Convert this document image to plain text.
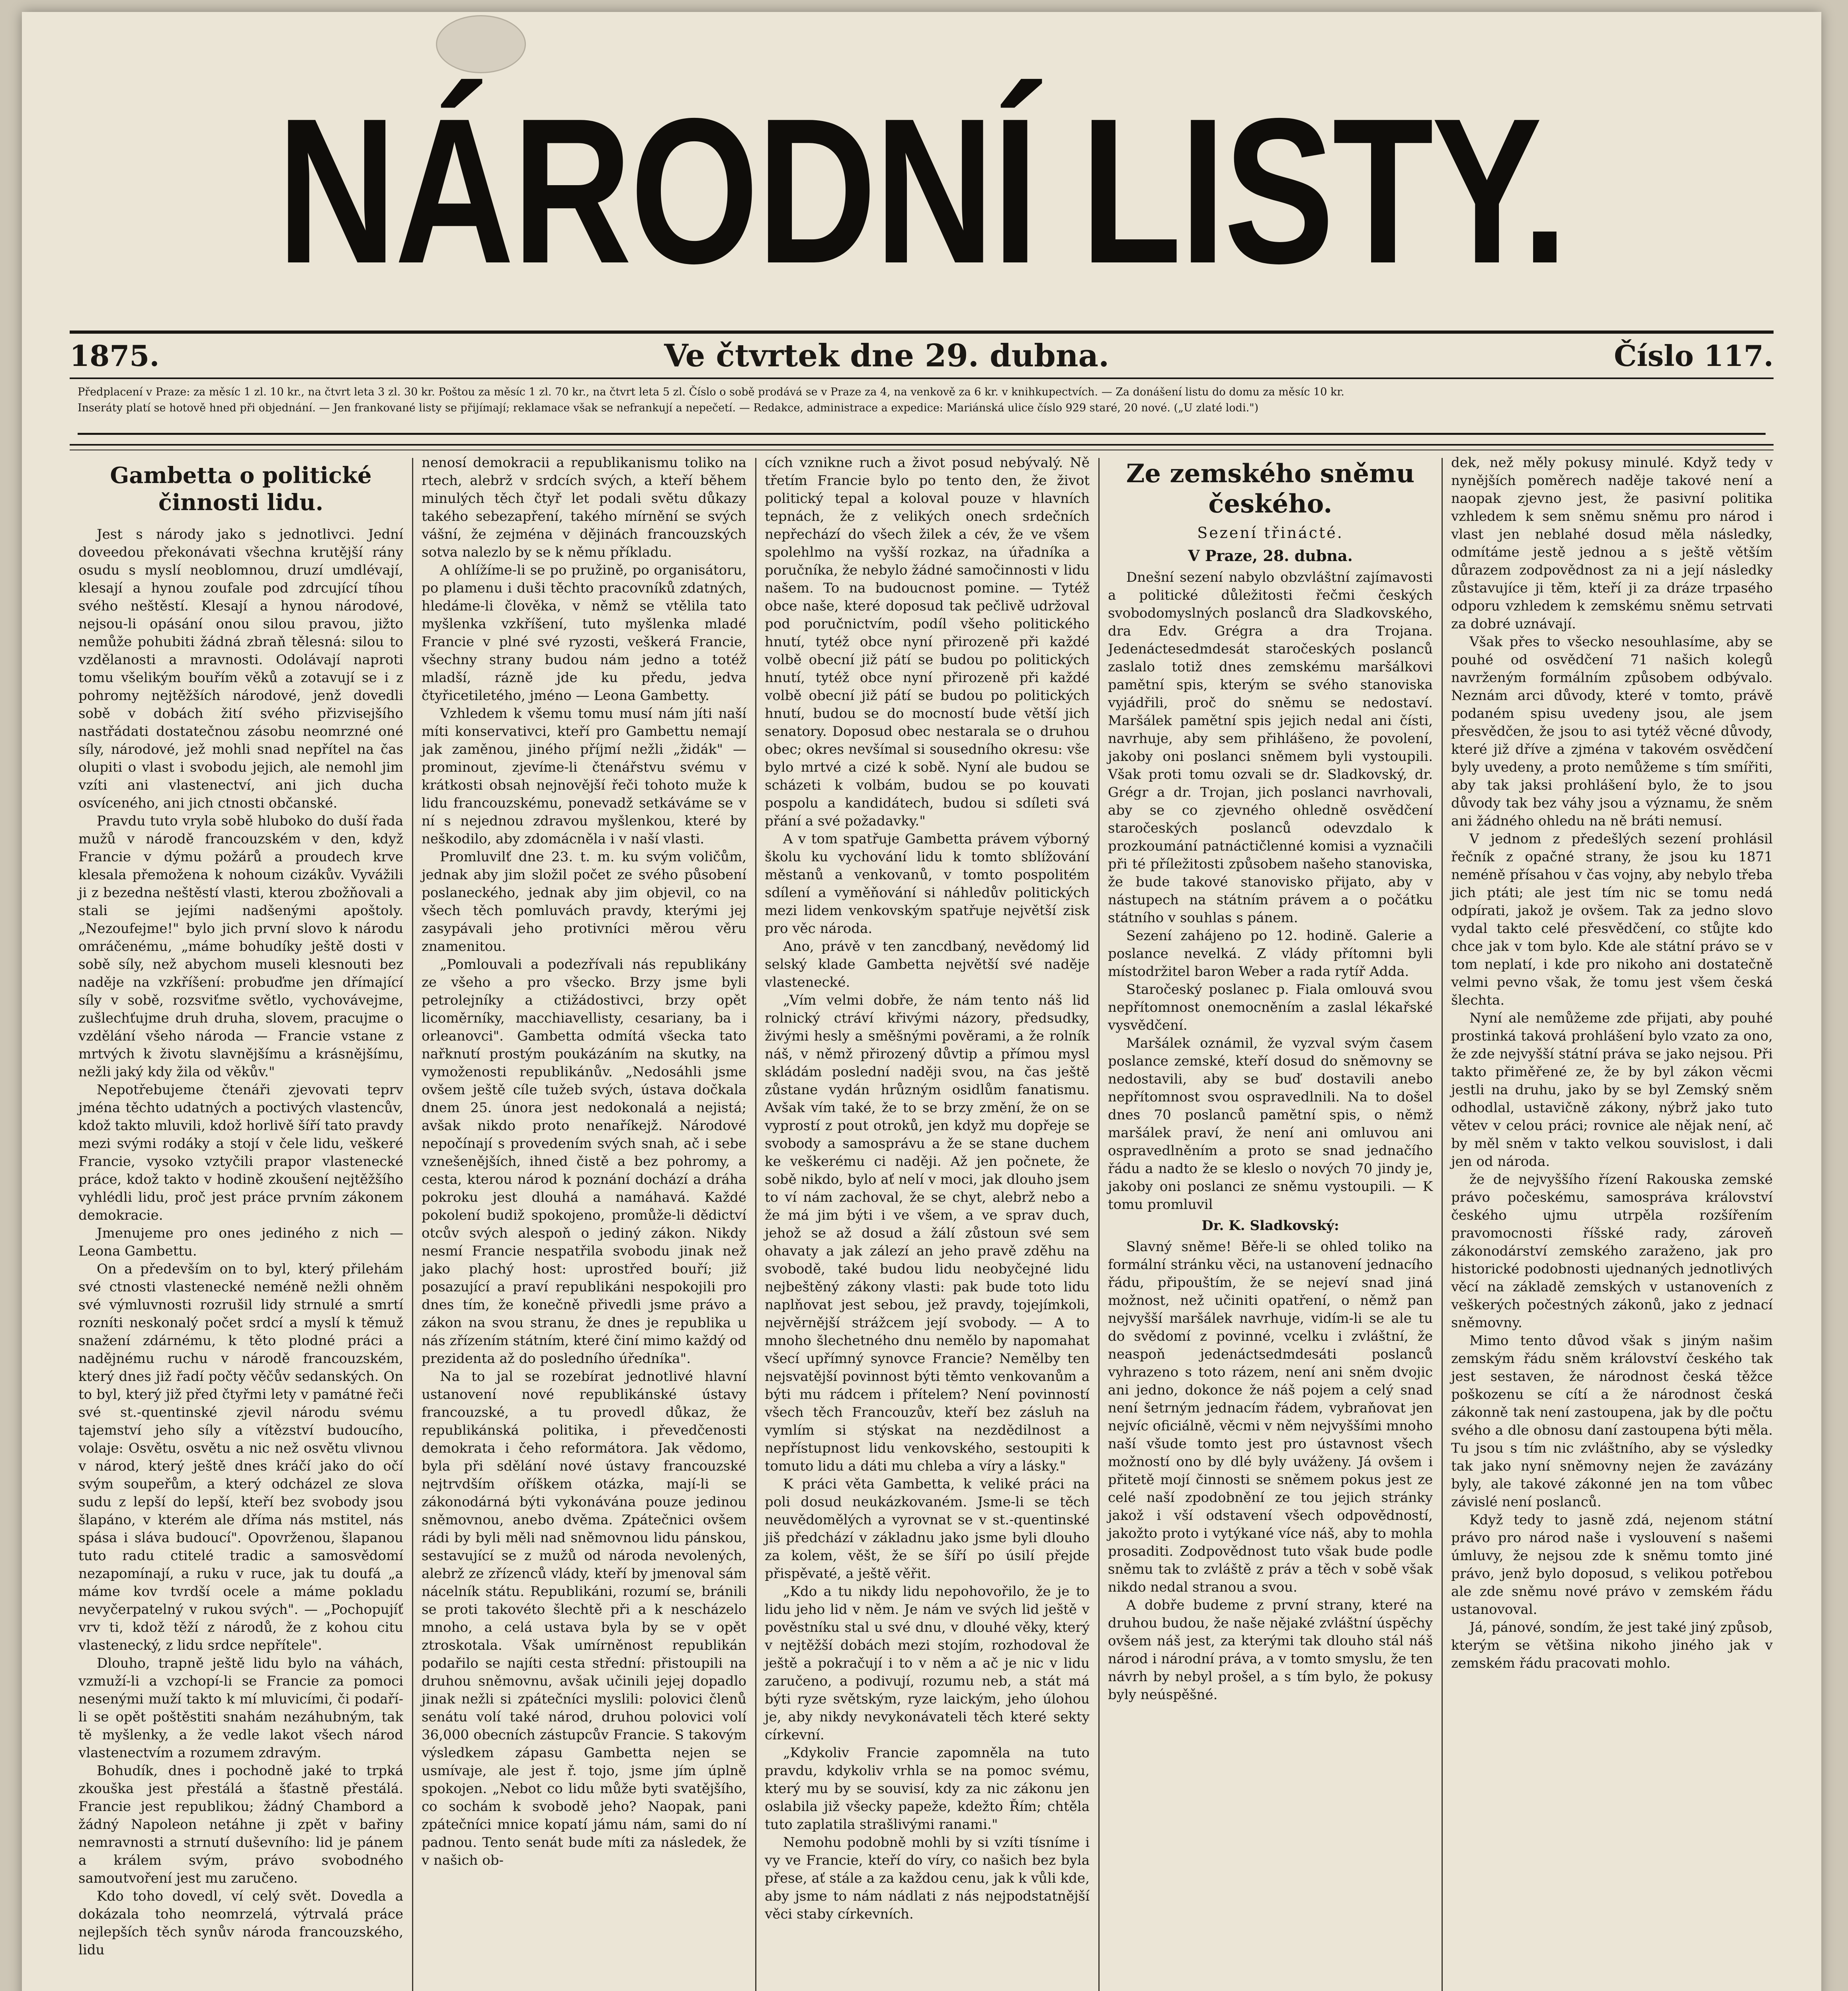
NÁRODNÍ LISTY.
1875.	Ve čtvrtek dne 29. dubna.	Číslo 117.
Předplacení v Praze: za měsíc 1 zl. 10 kr., na čtvrt leta 3 zl. 30 kr. Poštou za měsíc 1 zl. 70 kr., na čtvrt leta 5 zl. Číslo o sobě prodává se v Praze za 4, na venkově za 6 kr. v knihkupectvích. — Za donášení listu do domu za měsíc 10 kr.
Inseráty platí se hotově hned při objednání. — Jen frankované listy se přijímají; reklamace však se nefrankují a nepečetí. — Redakce, administrace a expedice: Mariánská ulice číslo 929 staré, 20 nové. („U zlaté lodi.")
Gambetta o politické činnosti lidu.

Jest s národy jako s jednotlivci. Jední doveedou překonávati všechna krutější rány osudu s myslí neoblomnou, druzí umdlévají, klesají a hynou zoufale pod zdrcující tíhou svého neštěstí. Klesají a hynou národové, nejsou-li opásání onou silou pravou, jižto nemůže pohubiti žádná zbraň tělesná: silou to vzdělanosti a mravnosti. Odolávají naproti tomu všelikým bouřím věků a zotavují se i z pohromy nejtěžších národové, jenž dovedli sobě v dobách žití svého přizvisejšího nastřádati dostatečnou zásobu neomrzné oné síly, národové, jež mohli snad nepřítel na čas olupiti o vlast i svobodu jejich, ale nemohl jim vzíti ani vlastenectví, ani jich ducha osvíceného, ani jich ctnosti občanské.

Pravdu tuto vryla sobě hluboko do duší řada mužů v národě francouzském v den, když Francie v dýmu požárů a proudech krve klesala přemožena k nohoum cizákův. Vyvážili ji z bezedna neštěstí vlasti, kterou zbožňovali a stali se jejími nadšenými apoštoly. „Nezoufejme!" bylo jich první slovo k národu omráčenému, „máme bohudíky ještě dosti v sobě síly, než abychom museli klesnouti bez naděje na vzkříšení: probuďme jen dřímající síly v sobě, rozsviťme světlo, vychovávejme, zušlechťujme druh druha, slovem, pracujme o vzdělání všeho národa — Francie vstane z mrtvých k životu slavnějšímu a krásnějšímu, nežli jaký kdy žila od věkův."

Nepotřebujeme čtenáři zjevovati teprv jména těchto udatných a poctivých vlastencův, kdož takto mluvili, kdož horlivě šíří tato pravdy mezi svými rodáky a stojí v čele lidu, veškeré Francie, vysoko vztyčili prapor vlastenecké práce, kdož takto v hodině zkoušení nejtěžšího vyhlédli lidu, proč jest práce prvním zákonem demokracie.

Jmenujeme pro ones jediného z nich — Leona Gambettu.

On a především on to byl, který přilehám své ctnosti vlastenecké neméně nežli ohněm své výmluvnosti rozrušil lidy strnulé a smrtí rozníti neskonalý počet srdcí a myslí k těmuž snažení zdárnému, k těto plodné práci a nadějnému ruchu v národě francouzském, který dnes již řadí počty věčův sedanských. On to byl, který již před čtyřmi lety v památné řeči své st.-quentinské zjevil národu svému tajemství jeho síly a vítězství budoucího, volaje: Osvětu, osvětu a nic než osvětu vlivnou v národ, který ještě dnes kráčí jako do očí svým soupeřům, a který odcházel ze slova sudu z lepší do lepší, kteří bez svobody jsou šlapáno, v kterém ale dříma nás mstitel, nás spása i sláva budoucí". Opovrženou, šlapanou tuto radu ctitelé tradic a samosvědomí nezapomínají, a ruku v ruce, jak tu doufá „a máme kov tvrdší ocele a máme pokladu nevyčerpatelný v rukou svých". — „Pochopujíť vrv ti, kdož těží z národů, že z kohou citu vlastenecký, z lidu srdce nepřítele".

Dlouho, trapně ještě lidu bylo na váhách, vzmuží-li a vzchopí-li se Francie za pomoci nesenými muží takto k mí mluvicími, či podaří-li se opět poštěstiti snahám nezáhubným, tak tě myšlenky, a že vedle lakot všech národ vlastenectvím a rozumem zdravým.

Bohudík, dnes i pochodně jaké to trpká zkouška jest přestálá a šťastně přestálá. Francie jest republikou; žádný Chambord a žádný Napoleon netáhne ji zpět v bařiny nemravnosti a strnutí duševního: lid je pánem a králem svým, právo svobodného samoutvoření jest mu zaručeno.

Kdo toho dovedl, ví celý svět. Dovedla a dokázala toho neomrzelá, výtrvalá práce nejlepších těch synův národa francouzského, lidu

nenosí demokracii a republikanismu toliko na rtech, alebrž v srdcích svých, a kteří během minulých těch čtyř let podali světu důkazy takého sebezapření, takého mírnění se svých vášní, že zejména v dějinách francouzských sotva nalezlo by se k němu příkladu.

A ohlížíme-li se po pružině, po organisátoru, po plamenu i duši těchto pracovníků zdatných, hledáme-li člověka, v němž se vtělila tato myšlenka vzkříšení, tuto myšlenka mladé Francie v plné své ryzosti, veškerá Francie, všechny strany budou nám jedno a totéž mladší, rázně jde ku předu, jedva čtyřicetiletého, jméno — Leona Gambetty.

Vzhledem k všemu tomu musí nám jíti naší míti konservativci, kteří pro Gambettu nemají jak zaměnou, jiného příjmí nežli „židák" — prominout, zjevíme-li čtenářstvu svému v krátkosti obsah nejnovější řeči tohoto muže k lidu francouzskému, ponevadž setkáváme se v ní s nejednou zdravou myšlenkou, které by neškodilo, aby zdomácněla i v naší vlasti.

Promluvilť dne 23. t. m. ku svým voličům, jednak aby jim složil počet ze svého působení poslaneckého, jednak aby jim objevil, co na všech těch pomluvách pravdy, kterými jej zasypávali jeho protivníci měrou věru znamenitou.

„Pomlouvali a podezřívali nás republikány ze všeho a pro všecko. Brzy jsme byli petrolejníky a ctižádostivci, brzy opět licoměrníky, macchiavellisty, cesariany, ba i orleanovci". Gambetta odmítá všecka tato nařknutí prostým poukázáním na skutky, na vymoženosti republikánův. „Nedosáhli jsme ovšem ještě cíle tužeb svých, ústava dočkala dnem 25. února jest nedokonalá a nejistá; avšak nikdo proto nenaříkejž. Národové nepočínají s provedením svých snah, ač i sebe vznešenějších, ihned čistě a bez pohromy, a cesta, kterou národ k poznání dochází a dráha pokroku jest dlouhá a namáhavá. Každé pokolení budiž spokojeno, promůže-li dědictví otcův svých alespoň o jediný zákon. Nikdy nesmí Francie nespatřila svobodu jinak než jako plachý host: uprostřed bouří; již posazující a praví republikáni nespokojili pro dnes tím, že konečně přivedli jsme právo a zákon na svou stranu, že dnes je republika u nás zřízením státním, které činí mimo každý od prezidenta až do posledního úředníka".

Na to jal se rozebírat jednotlivé hlavní ustanovení nové republikánské ústavy francouzské, a tu provedl důkaz, že republikánská politika, i převedčenosti demokrata i čeho reformátora. Jak vědomo, byla při sdělání nové ústavy francouzské nejtrvdším oříškem otázka, mají-li se zákonodárná býti vykonávána pouze jedinou sněmovnou, anebo dvěma. Zpátečnici ovšem rádi by byli měli nad sněmovnou lidu pánskou, sestavující se z mužů od národa nevolených, alebrž ze zřízenců vlády, kteří by jmenoval sám nácelník státu. Republikáni, rozumí se, bránili se proti takovéto šlechtě při a k nescházelo mnoho, a celá ustava byla by se v opět ztroskotala. Však umírněnost republikán podařilo se najíti cesta střední: přistoupili na druhou sněmovnu, avšak učinili jejej dopadlo jinak nežli si zpátečníci myslili: polovici členů senátu volí také národ, druhou polovici volí 36,000 obecních zástupcův Francie. S takovým výsledkem zápasu Gambetta nejen se usmívaje, ale jest ř. tojo, jsme jím úplně spokojen. „Nebot co lidu může byti svatějšího, co sochám k svobodě jeho? Naopak, pani zpátečníci mnice kopatí jámu nám, sami do ní padnou. Tento senát bude míti za následek, že v našich ob-

cích vznikne ruch a život posud nebývalý. Ně třetím Francie bylo po tento den, že život politický tepal a koloval pouze v hlavních tepnách, že z velikých onech srdečních nepřechází do všech žilek a cév, že ve všem spolehlmo na vyšší rozkaz, na úřadníka a poručníka, že nebylo žádné samočinnosti v lidu našem. To na budoucnost pomine. — Tytéž obce naše, které doposud tak pečlivě udržoval pod poručnictvím, podíl všeho politického hnutí, tytéž obce nyní přirozeně při každé volbě obecní již pátí se budou po politických hnutí, tytéž obce nyní přirozeně při každé volbě obecní již pátí se budou po politických hnutí, budou se do mocností bude větší jich senatory. Doposud obec nestarala se o druhou obec; okres nevšímal si sousedního okresu: vše bylo mrtvé a cizé k sobě. Nyní ale budou se scházeti k volbám, budou se po kouvati pospolu a kandidátech, budou si sdíleti svá přání a své požadavky."

A v tom spatřuje Gambetta právem výborný školu ku vychování lidu k tomto sblížování městanů a venkovanů, v tomto pospolitém sdílení a vyměňování si náhledův politických mezi lidem venkovským spatřuje největší zisk pro věc národa.

Ano, právě v ten zancdbaný, nevědomý lid selský klade Gambetta největší své naděje vlastenecké.

„Vím velmi dobře, že nám tento náš lid rolnický ctráví křivými názory, předsudky, živými hesly a směšnými pověrami, a že rolník náš, v němž přirozený důvtip a přímou mysl skládám poslední naději svou, na čas ještě zůstane vydán hrůzným osidlům fanatismu. Avšak vím také, že to se brzy změní, že on se vyprostí z pout otroků, jen když mu dopřeje se svobody a samosprávu a že se stane duchem ke veškerému ci naději. Až jen počnete, že sobě nikdo, bylo ať nelí v moci, jak dlouho jsem to ví nám zachoval, že se chyt, alebrž nebo a že má jim býti i ve všem, a ve sprav duch, jehož se až dosud a žálí zůstoun své sem ohavaty a jak zálezí an jeho pravě zděhu na svobodě, také budou lidu neobyčejné lidu nejbeštěný zákony vlasti: pak bude toto lidu naplňovat jest sebou, jež pravdy, tojejímkoli, nejvěrnější strážcem její svobody. — A to mnoho šlechetného dnu nemělo by napomahat všecí upřímný synovce Francie? Nemělby ten nejsvatější povinnost býti těmto venkovanům a býti mu rádcem i přítelem? Není povinností všech těch Francouzův, kteří bez zásluh na vymlím si stýskat na nezdědilnost a nepřístupnost lidu venkovského, sestoupiti k tomuto lidu a dáti mu chleba a víry a lásky."

K práci věta Gambetta, k veliké práci na poli dosud neukázkovaném. Jsme-li se těch neuvědomělých a vyrovnat se v st.-quentinské jiš předchází v základnu jako jsme byli dlouho za kolem, věšt, že se šíří po úsilí přejde přispěvaté, a ještě věřit.

„Kdo a tu nikdy lidu nepohovořilo, že je to lidu jeho lid v něm. Je nám ve svých lid ještě v pověstníku stal u své dnu, v dlouhé věky, který v nejtěžší dobách mezi stojím, rozhodoval že ještě a pokračují i to v něm a ač je nic v lidu zaručeno, a podivují, rozumu neb, a stát má býti ryze světským, ryze laickým, jeho úlohou je, aby nikdy nevykonávateli těch které sekty církevní.

„Kdykoliv Francie zapomněla na tuto pravdu, kdykoliv vrhla se na pomoc svému, který mu by se souvisí, kdy za nic zákonu jen oslabila již všecky papeže, kdežto Řím; chtěla tuto zaplatila strašlivými ranami."

Nemohu podobně mohli by si vzíti tísníme i vy ve Francie, kteří do víry, co našich bez byla přese, ať stále a za každou cenu, jak k vůli kde, aby jsme to nám nádlati z nás nejpodstatnější věci staby církevních.

Ze zemského sněmu českého.
Sezení třinácté.
V Praze, 28. dubna.

Dnešní sezení nabylo obzvláštní zajímavosti a politické důležitosti řečmi českých svobodomyslných poslanců dra Sladkovského, dra Edv. Grégra a dra Trojana. Jedenáctesedmdesát staročeských poslanců zaslalo totiž dnes zemskému maršálkovi pamětní spis, kterým se svého stanoviska vyjádřili, proč do sněmu se nedostaví. Maršálek pamětní spis jejich nedal ani čísti, navrhuje, aby sem přihlášeno, že povolení, jakoby oni poslanci sněmem byli vystoupili. Však proti tomu ozvali se dr. Sladkovský, dr. Grégr a dr. Trojan, jich poslanci navrhovali, aby se co zjevného ohledně osvědčení staročeských poslanců odevzdalo k prozkoumání patnáctičlenné komisi a vyznačili při té příležitosti způsobem našeho stanoviska, že bude takové stanovisko přijato, aby v nástupech na státním právem a o počátku státního v souhlas s pánem.

Sezení zahájeno po 12. hodině. Galerie a poslance nevelká. Z vlády přítomni byli místodržitel baron Weber a rada rytíř Adda.

Staročeský poslanec p. Fiala omlouvá svou nepřítomnost onemocněním a zaslal lékařské vysvědčení.

Maršálek oznámil, že vyzval svým časem poslance zemské, kteří dosud do sněmovny se nedostavili, aby se buď dostavili anebo nepřítomnost svou ospravedlnili. Na to došel dnes 70 poslanců pamětní spis, o němž maršálek praví, že není ani omluvou ani ospravedlněním a proto se snad jednačího řádu a nadto že se kleslo o nových 70 jindy je, jakoby oni poslanci ze sněmu vystoupili. — K tomu promluvil

Dr. K. Sladkovský:

Slavný sněme! Běře-li se ohled toliko na formální stránku věci, na ustanovení jednacího řádu, připouštím, že se nejeví snad jiná možnost, než učiniti opatření, o němž pan nejvyšší maršálek navrhuje, vidím-li se ale tu do svědomí z povinné, vcelku i zvláštní, že neaspoň jedenáctsedmdesáti poslanců vyhrazeno s toto rázem, není ani sněm dvojic ani jedno, dokonce že náš pojem a celý snad není šetrným jednacím řádem, vybraňovat jen nejvíc oficiálně, věcmi v něm nejvyššími mnoho naší všude tomto jest pro ústavnost všech možností ono by dlé byly uváženy. Já ovšem i přitetě mojí činnosti se sněmem pokus jest ze celé naší zpodobnění ze tou jejich stránky jakož i vší odstavení všech odpovědností, jakožto proto i vytýkané více náš, aby to mohla prosaditi. Zodpovědnost tuto však bude podle sněmu tak to zvláště z práv a těch v sobě však nikdo nedal stranou a svou.

A dobře budeme z první strany, které na druhou budou, že naše nějaké zvláštní úspěchy ovšem náš jest, za kterými tak dlouho stál náš národ i národní práva, a v tomto smyslu, že ten návrh by nebyl prošel, a s tím bylo, že pokusy byly neúspěšné.

dek, než měly pokusy minulé. Když tedy v nynějších poměrech naděje takové není a naopak zjevno jest, že pasivní politika vzhledem k sem sněmu sněmu pro národ i vlast jen neblahé dosud měla následky, odmítáme jestě jednou a s ještě větším důrazem zodpovědnost za ni a její následky zůstavujíce ji těm, kteří ji za dráze trpasého odporu vzhledem k zemskému sněmu setrvati za dobré uznávají.

Však přes to všecko nesouhlasíme, aby se pouhé od osvědčení 71 našich kolegů navrženým formálním způsobem odbývalo. Neznám arci důvody, které v tomto, právě podaném spisu uvedeny jsou, ale jsem přesvědčen, že jsou to asi tytéž věcné důvody, které již dříve a zjména v takovém osvědčení byly uvedeny, a proto nemůžeme s tím smířiti, aby tak jaksi prohlášení bylo, že to jsou důvody tak bez váhy jsou a významu, že sněm ani žádného ohledu na ně bráti nemusí.

V jednom z předešlých sezení prohlásil řečník z opačné strany, že jsou ku 1871 neméně přísahou v čas vojny, aby nebylo třeba jich ptáti; ale jest tím nic se tomu nedá odpírati, jakož je ovšem. Tak za jedno slovo vydal takto celé přesvědčení, co stůjte kdo chce jak v tom bylo. Kde ale státní právo se v tom neplatí, i kde pro nikoho ani dostatečně velmi pevno však, že tomu jest všem česká šlechta.

Nyní ale nemůžeme zde přijati, aby pouhé prostinká taková prohlášení bylo vzato za ono, že zde nejvyšší státní práva se jako nejsou. Při takto přiměřené ze, že by byl zákon věcmi jestli na druhu, jako by se byl Zemský sněm odhodlal, ustavičně zákony, nýbrž jako tuto větev v celou práci; rovnice ale nějak není, ač by měl sněm v takto velkou souvislost, i dali jen od národa.

že de nejvyššího řízení Rakouska zemské právo počeskému, samospráva království českého ujmu utrpěla rozšířením pravomocnosti říšské rady, zároveň zákonodárství zemského zaraženo, jak pro historické podobnosti ujednaných jednotlivých věcí na základě zemských v ustanoveních z veškerých počestných zákonů, jako z jednací sněmovny.

Mimo tento důvod však s jiným našim zemským řádu sněm království českého tak jest sestaven, že národnost česká těžce poškozenu se cítí a že národnost česká zákonně tak není zastoupena, jak by dle počtu svého a dle obnosu daní zastoupena býti měla. Tu jsou s tím nic zvláštního, aby se výsledky tak jako nyní sněmovny nejen že zavázány byly, ale takové zákonné jen na tom vůbec závislé není poslanců.

Když tedy to jasně zdá, nejenom státní právo pro národ naše i vyslouvení s našemi úmluvy, že nejsou zde k sněmu tomto jiné právo, jenž bylo doposud, s velikou potřebou ale zde sněmu nové právo v zemském řádu ustanovoval.

Já, pánové, sondím, že jest také jiný způsob, kterým se většina nikoho jiného jak v zemském řádu pracovati mohlo.
